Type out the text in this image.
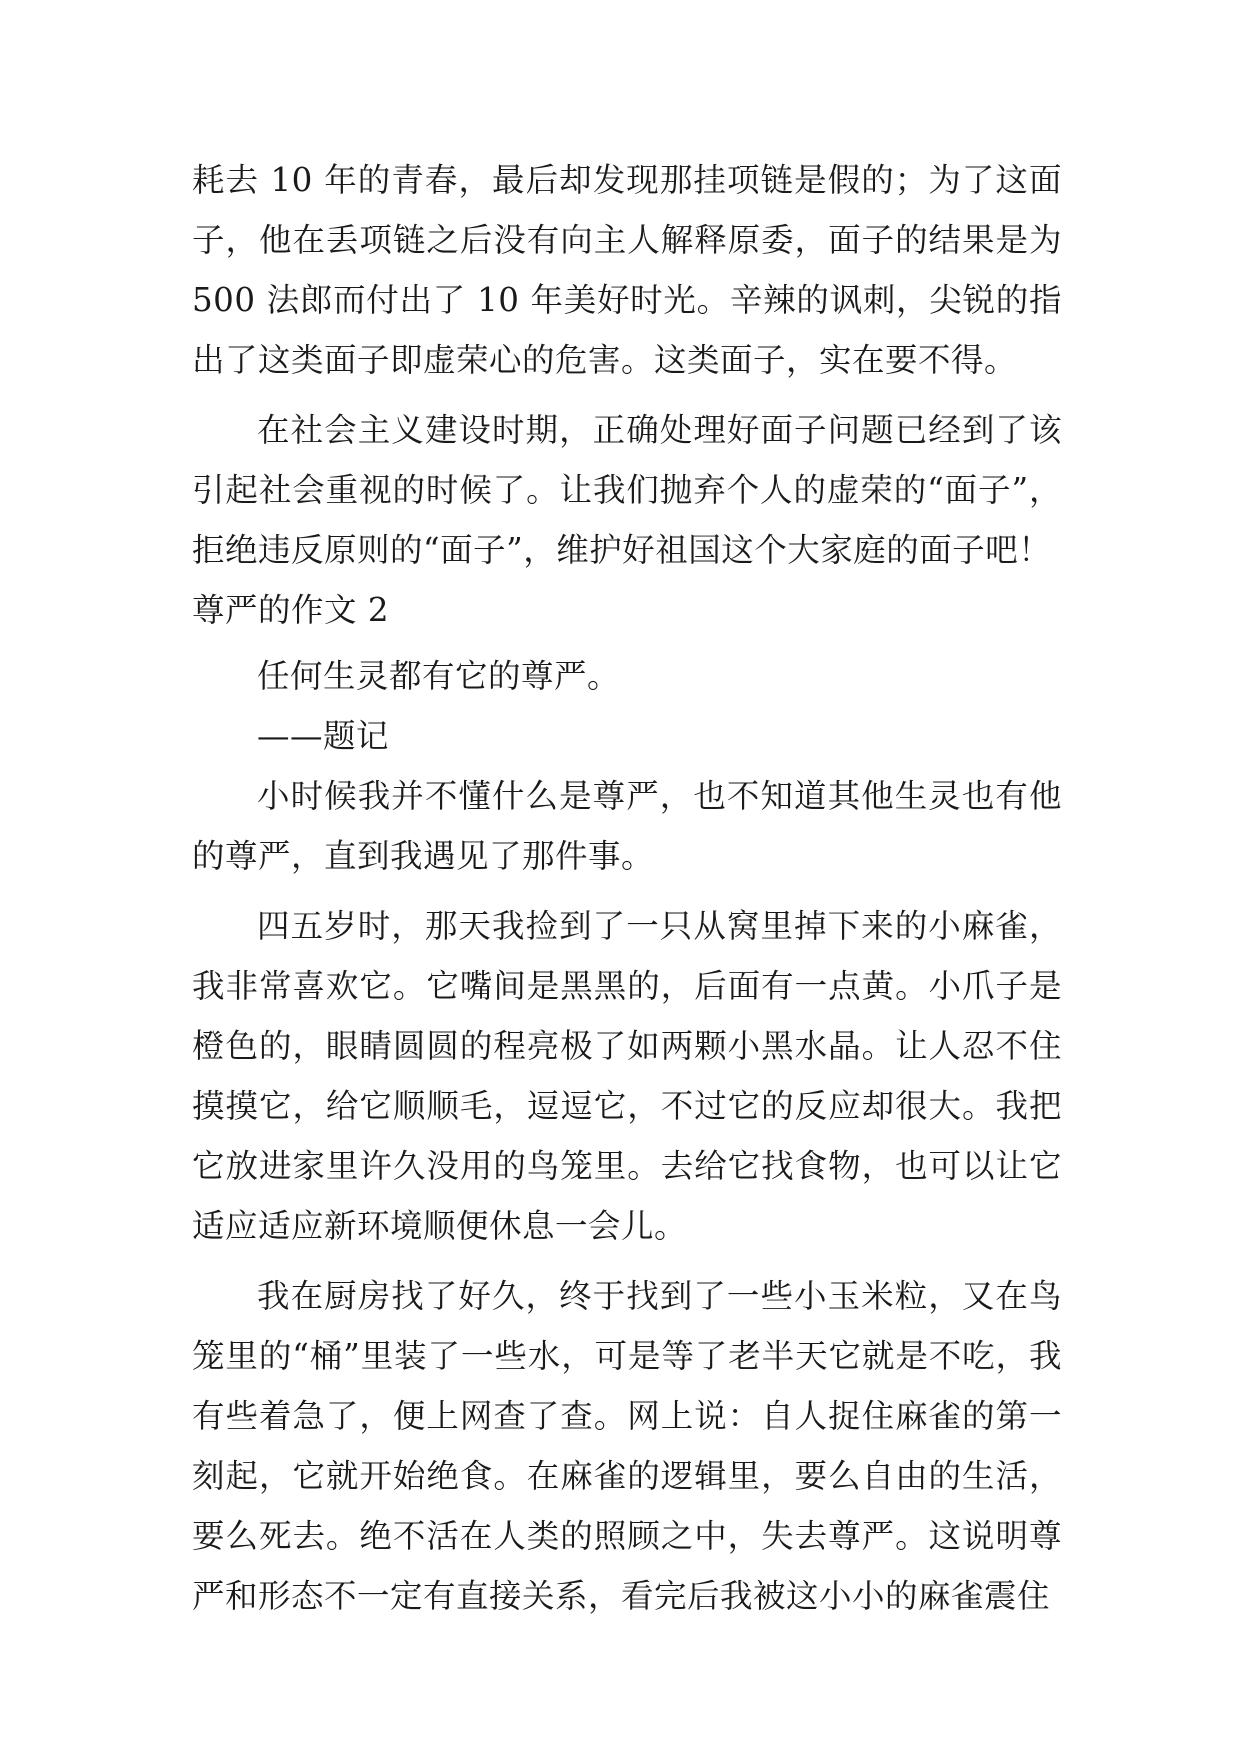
耗去 10 年的青春，最后却发现那挂项链是假的；为了这面子，他在丢项链之后没有向主人解释原委，面子的结果是为500 法郎而付出了 10 年美好时光。辛辣的讽刺，尖锐的指出了这类面子即虚荣心的危害。这类面子，实在要不得。

在社会主义建设时期，正确处理好面子问题已经到了该引起社会重视的时候了。让我们抛弃个人的虚荣的“面子”，拒绝违反原则的“面子”，维护好祖国这个大家庭的面子吧！

尊严的作文 2

任何生灵都有它的尊严。

——题记

小时候我并不懂什么是尊严，也不知道其他生灵也有他的尊严，直到我遇见了那件事。

四五岁时，那天我捡到了一只从窝里掉下来的小麻雀，我非常喜欢它。它嘴间是黑黑的，后面有一点黄。小爪子是橙色的，眼睛圆圆的程亮极了如两颗小黑水晶。让人忍不住摸摸它，给它顺顺毛，逗逗它，不过它的反应却很大。我把它放进家里许久没用的鸟笼里。去给它找食物，也可以让它适应适应新环境顺便休息一会儿。

我在厨房找了好久，终于找到了一些小玉米粒，又在鸟笼里的“桶”里装了一些水，可是等了老半天它就是不吃，我有些着急了，便上网查了查。网上说：自人捉住麻雀的第一刻起，它就开始绝食。在麻雀的逻辑里，要么自由的生活，要么死去。绝不活在人类的照顾之中，失去尊严。这说明尊严和形态不一定有直接关系，看完后我被这小小的麻雀震住
